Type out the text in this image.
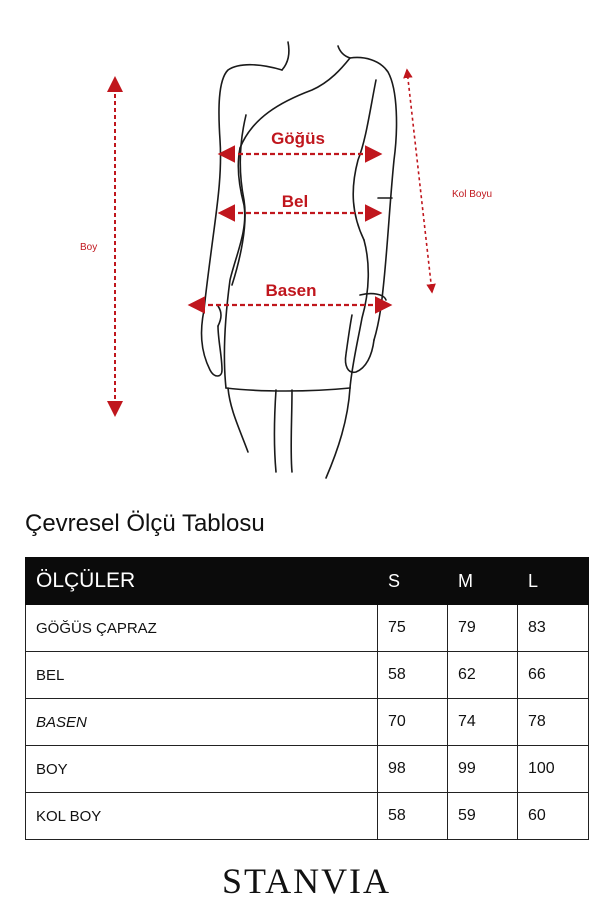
Göğüs
Bel
Basen
Boy
Kol Boyu
Çevresel Ölçü Tablosu
ÖLÇÜLER	S	M	L
GÖĞÜS ÇAPRAZ	75	79	83
BEL	58	62	66
BASEN	70	74	78
BOY	98	99	100
KOL BOY	58	59	60
STANVIA
